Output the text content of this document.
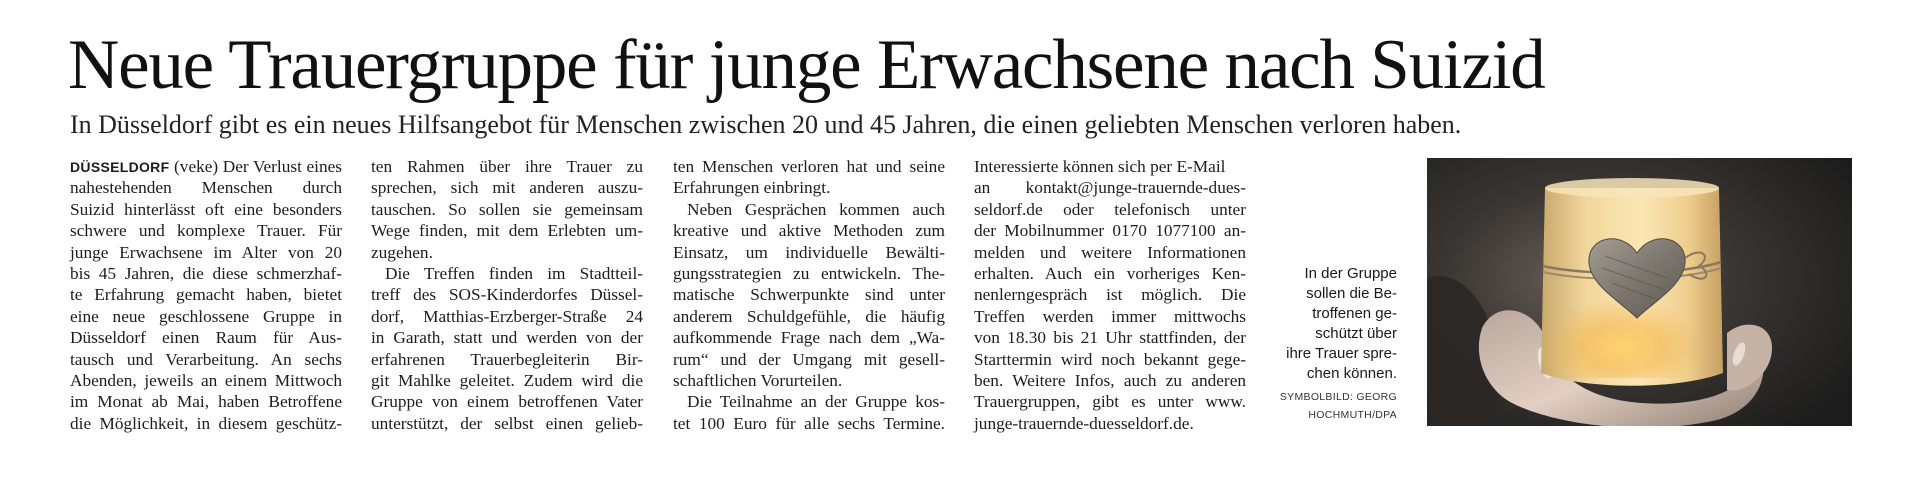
Neue Trauergruppe für junge Erwachsene nach Suizid

In Düsseldorf gibt es ein neues Hilfsangebot für Menschen zwischen 20 und 45 Jahren, die einen geliebten Menschen verloren haben.

DÜSSELDORF (veke) Der Verlust eines
nahestehenden Menschen durch
Suizid hinterlässt oft eine besonders
schwere und komplexe Trauer. Für
junge Erwachsene im Alter von 20
bis 45 Jahren, die diese schmerzhaf-
te Erfahrung gemacht haben, bietet
eine neue geschlossene Gruppe in
Düsseldorf einen Raum für Aus-
tausch und Verarbeitung. An sechs
Abenden, jeweils an einem Mittwoch
im Monat ab Mai, haben Betroffene
die Möglichkeit, in diesem geschütz-
ten Rahmen über ihre Trauer zu
sprechen, sich mit anderen auszu-
tauschen. So sollen sie gemeinsam
Wege finden, mit dem Erlebten um-
zugehen.
Die Treffen finden im Stadtteil-
treff des SOS-Kinderdorfes Düssel-
dorf, Matthias-Erzberger-Straße 24
in Garath, statt und werden von der
erfahrenen Trauerbegleiterin Bir-
git Mahlke geleitet. Zudem wird die
Gruppe von einem betroffenen Vater
unterstützt, der selbst einen gelieb-
ten Menschen verloren hat und seine
Erfahrungen einbringt.
Neben Gesprächen kommen auch
kreative und aktive Methoden zum
Einsatz, um individuelle Bewälti-
gungsstrategien zu entwickeln. The-
matische Schwerpunkte sind unter
anderem Schuldgefühle, die häufig
aufkommende Frage nach dem „Wa-
rum“ und der Umgang mit gesell-
schaftlichen Vorurteilen.
Die Teilnahme an der Gruppe kos-
tet 100 Euro für alle sechs Termine.
Interessierte können sich per E-Mail
an kontakt@junge-trauernde-dues-
seldorf.de oder telefonisch unter
der Mobilnummer 0170 1077100 an-
melden und weitere Informationen
erhalten. Auch ein vorheriges Ken-
nenlerngespräch ist möglich. Die
Treffen werden immer mittwochs
von 18.30 bis 21 Uhr stattfinden, der
Starttermin wird noch bekannt gege-
ben. Weitere Infos, auch zu anderen
Trauergruppen, gibt es unter www.
junge-trauernde-duesseldorf.de.
In der Gruppe
sollen die Be-
troffenen ge-
schützt über
ihre Trauer spre-
chen können.
SYMBOLBILD: GEORG
HOCHMUTH/DPA
